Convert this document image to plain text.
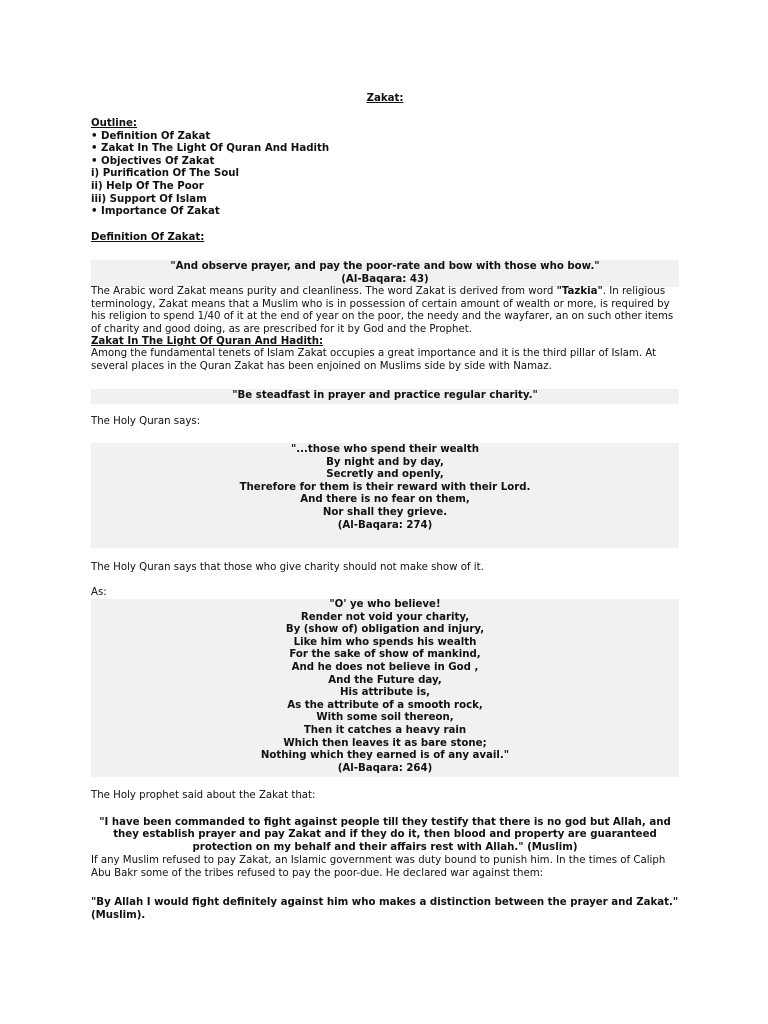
Zakat:
Outline:
• Definition Of Zakat
• Zakat In The Light Of Quran And Hadith
• Objectives Of Zakat
i) Purification Of The Soul
ii) Help Of The Poor
iii) Support Of Islam
• Importance Of Zakat
Definition Of Zakat:
"And observe prayer, and pay the poor-rate and bow with those who bow."
(Al-Baqara: 43)

The Arabic word Zakat means purity and cleanliness. The word Zakat is derived from word "Tazkia". In religious terminology, Zakat means that a Muslim who is in possession of certain amount of wealth or more, is required by his religion to spend 1/40 of it at the end of year on the poor, the needy and the wayfarer, an on such other items of charity and good doing, as are prescribed for it by God and the Prophet.

Zakat In The Light Of Quran And Hadith:

Among the fundamental tenets of Islam Zakat occupies a great importance and it is the third pillar of Islam. At several places in the Quran Zakat has been enjoined on Muslims side by side with Namaz.

"Be steadfast in prayer and practice regular charity."
The Holy Quran says:
"...those who spend their wealth
By night and by day,
Secretly and openly,
Therefore for them is their reward with their Lord.
And there is no fear on them,
Nor shall they grieve.
(Al-Baqara: 274)
The Holy Quran says that those who give charity should not make show of it.
As:
"O' ye who believe!
Render not void your charity,
By (show of) obligation and injury,
Like him who spends his wealth
For the sake of show of mankind,
And he does not believe in God ,
And the Future day,
His attribute is,
As the attribute of a smooth rock,
With some soil thereon,
Then it catches a heavy rain
Which then leaves it as bare stone;
Nothing which they earned is of any avail."
(Al-Baqara: 264)
The Holy prophet said about the Zakat that:

"I have been commanded to fight against people till they testify that there is no god but Allah, and they establish prayer and pay Zakat and if they do it, then blood and property are guaranteed protection on my behalf and their affairs rest with Allah." (Muslim)

If any Muslim refused to pay Zakat, an Islamic government was duty bound to punish him. In the times of Caliph Abu Bakr some of the tribes refused to pay the poor-due. He declared war against them:

"By Allah I would fight definitely against him who makes a distinction between the prayer and Zakat." (Muslim).
